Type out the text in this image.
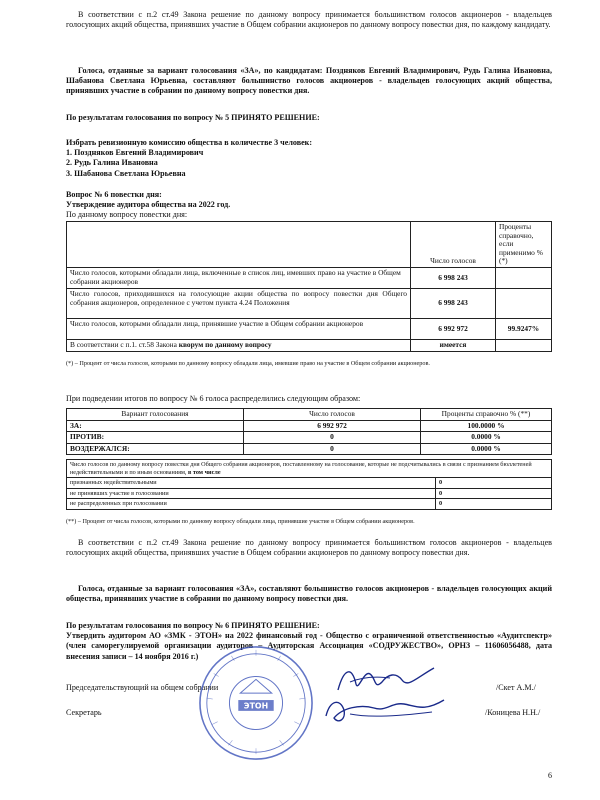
В соответствии с п.2 ст.49 Закона решение по данному вопросу принимается большинством голосов акционеров - владельцев голосующих акций общества, принявших участие в Общем собрании акционеров по данному вопросу повестки дня, по каждому кандидату.

Голоса, отданные за вариант голосования «ЗА», по кандидатам: Поздняков Евгений Владимирович, Рудь Галина Ивановна, Шабанова Светлана Юрьевна, составляют большинство голосов акционеров - владельцев голосующих акций общества, принявших участие в собрании по данному вопросу повестки дня.

По результатам голосования по вопросу № 5 ПРИНЯТО РЕШЕНИЕ:

Избрать ревизионную комиссию общества в количестве 3 человек:

1. Поздняков Евгений Владимирович
2. Рудь Галина Ивановна
3. Шабанова Светлана Юрьевна

Вопрос № 6 повестки дня:

Утверждение аудитора общества на 2022 год.

По данному вопросу повестки дня:

	Число голосов	Проценты справочно, если применимо % (*)
Число голосов, которыми обладали лица, включенные в список лиц, имевших право на участие в Общем собрании акционеров	6 998 243	
Число голосов, приходившихся на голосующие акции общества по вопросу повестки дня Общего собрания акционеров, определенное с учетом пункта 4.24 Положения	6 998 243	
Число голосов, которыми обладали лица, принявшие участие в Общем собрании акционеров	6 992 972	99.9247%
В соответствии с п.1. ст.58 Закона кворум по данному вопросу	имеется	

(*) – Процент от числа голосов, которыми по данному вопросу обладали лица, имевшие право на участие в Общем собрании акционеров.

При подведении итогов по вопросу № 6 голоса распределились следующим образом:

Вариант голосования	Число голосов	Проценты справочно % (**)
ЗА:	6 992 972	100.0000 %
ПРОТИВ:	0	0.0000 %
ВОЗДЕРЖАЛСЯ:	0	0.0000 %
Число голосов по данному вопросу повестки дня Общего собрания акционеров, поставленному на голосование, которые не подсчитывались в связи с признанием бюллетеней недействительными и по иным основаниям, в том числе	
признанных недействительными	0
не принявших участие в голосовании	0
не распределенных при голосовании	0

(**) – Процент от числа голосов, которыми по данному вопросу обладали лица, принявшие участие в Общем собрании акционеров.

В соответствии с п.2 ст.49 Закона решение по данному вопросу принимается большинством голосов акционеров - владельцев голосующих акций общества, принявших участие в Общем собрании акционеров по данному вопросу повестки дня.

Голоса, отданные за вариант голосования «ЗА», составляют большинство голосов акционеров - владельцев голосующих акций общества, принявших участие в собрании по данному вопросу повестки дня.

По результатам голосования по вопросу № 6 ПРИНЯТО РЕШЕНИЕ:

Утвердить аудитором АО «ЗМК - ЭТОН» на 2022 финансовый год - Общество с ограниченной ответственностью «Аудитспектр» (член саморегулируемой организации аудиторов – Аудиторская Ассоциация «СОДРУЖЕСТВО», ОРНЗ – 11606056488, дата внесения записи – 14 ноября 2016 г.)

Председательствующий на общем собрании	/Скет А.М./
Секретарь	/Коницева Н.Н./
ЭТОН
6
